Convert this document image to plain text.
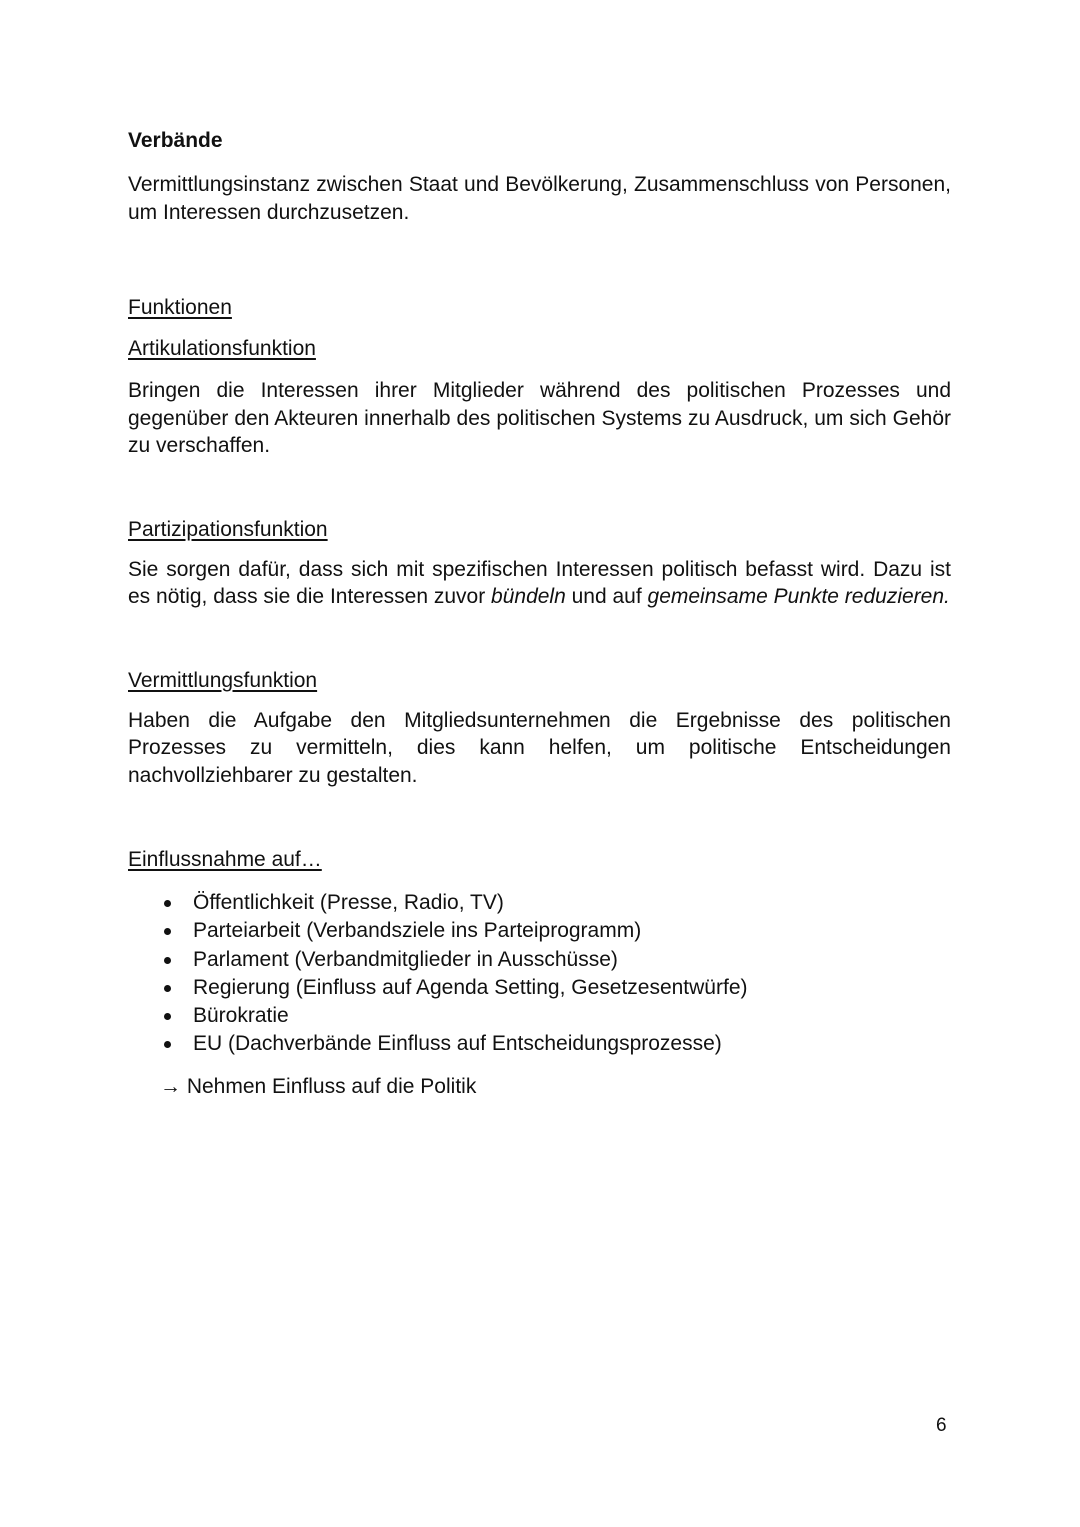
Verbände

Vermittlungsinstanz zwischen Staat und Bevölkerung, Zusammenschluss von Personen, um Interessen durchzusetzen.

Funktionen

Artikulationsfunktion

Bringen die Interessen ihrer Mitglieder während des politischen Prozesses und gegenüber den Akteuren innerhalb des politischen Systems zu Ausdruck, um sich Gehör zu verschaffen.

Partizipationsfunktion

Sie sorgen dafür, dass sich mit spezifischen Interessen politisch befasst wird. Dazu ist es nötig, dass sie die Interessen zuvor bündeln und auf gemeinsame Punkte reduzieren.

Vermittlungsfunktion

Haben die Aufgabe den Mitgliedsunternehmen die Ergebnisse des politischen Prozesses zu vermitteln, dies kann helfen, um politische Entscheidungen nachvollziehbarer zu gestalten.

Einflussnahme auf…

Öffentlichkeit (Presse, Radio, TV)
Parteiarbeit (Verbandsziele ins Parteiprogramm)
Parlament (Verbandmitglieder in Ausschüsse)
Regierung (Einfluss auf Agenda Setting, Gesetzesentwürfe)
Bürokratie
EU (Dachverbände Einfluss auf Entscheidungsprozesse)

→ Nehmen Einfluss auf die Politik

6
